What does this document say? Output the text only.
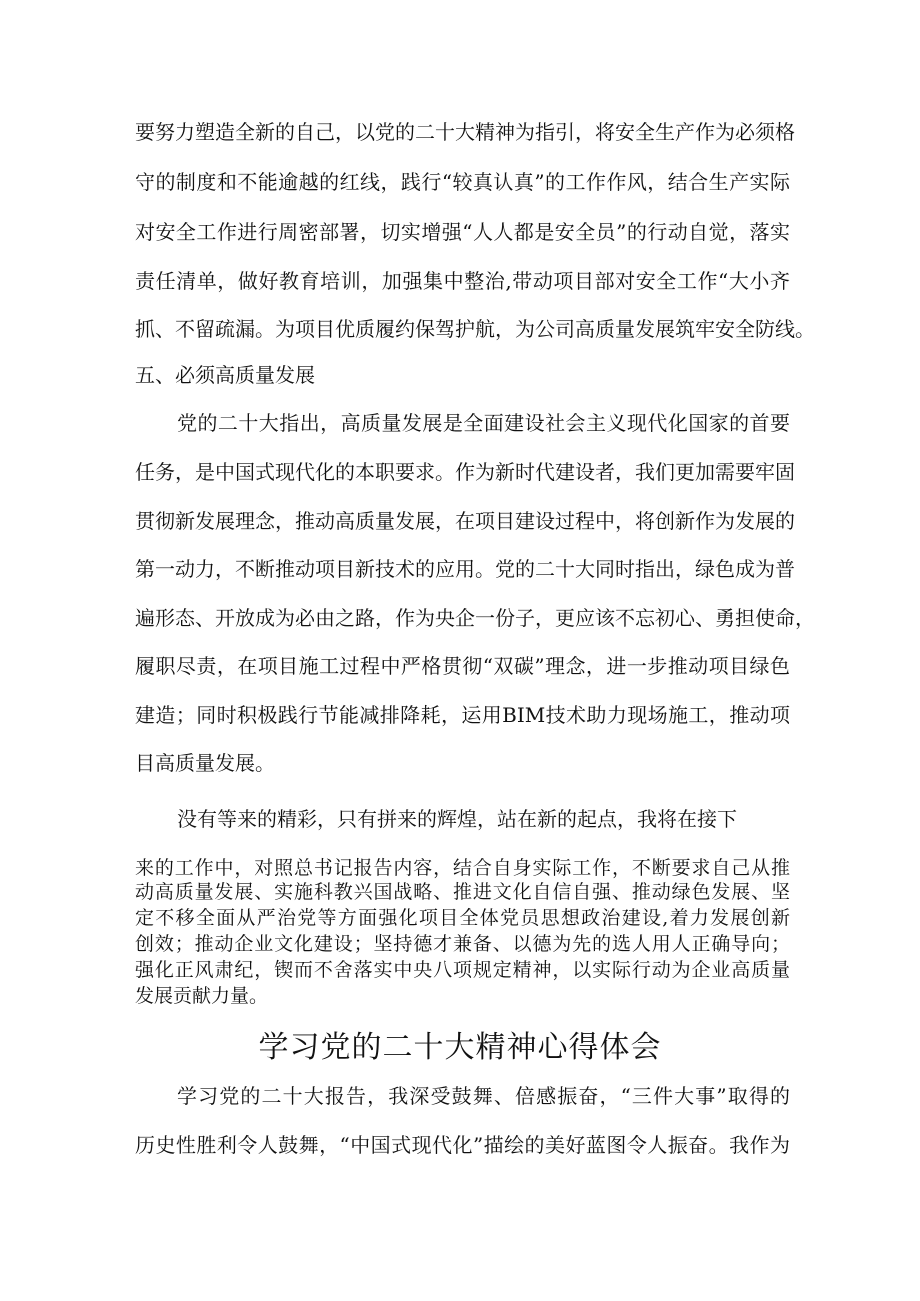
要努力塑造全新的自己，以党的二十大精神为指引，将安全生产作为必须格
守的制度和不能逾越的红线，践行“较真认真”的工作作风，结合生产实际
对安全工作进行周密部署，切实增强“人人都是安全员”的行动自觉，落实
责任清单，做好教育培训，加强集中整治,带动项目部对安全工作“大小齐
抓、不留疏漏。为项目优质履约保驾护航，为公司高质量发展筑牢安全防线。
五、必须高质量发展
党的二十大指出，高质量发展是全面建设社会主义现代化国家的首要
任务，是中国式现代化的本职要求。作为新时代建设者，我们更加需要牢固
贯彻新发展理念，推动高质量发展，在项目建设过程中，将创新作为发展的
第一动力，不断推动项目新技术的应用。党的二十大同时指出，绿色成为普
遍形态、开放成为必由之路，作为央企一份子，更应该不忘初心、勇担使命，
履职尽责，在项目施工过程中严格贯彻“双碳”理念，进一步推动项目绿色
建造；同时积极践行节能减排降耗，运用BIM技术助力现场施工，推动项
目高质量发展。
没有等来的精彩，只有拼来的辉煌，站在新的起点，我将在接下
来的工作中，对照总书记报告内容，结合自身实际工作，不断要求自己从推
动高质量发展、实施科教兴国战略、推进文化自信自强、推动绿色发展、坚
定不移全面从严治党等方面强化项目全体党员思想政治建设,着力发展创新
创效；推动企业文化建设；坚持德才兼备、以德为先的选人用人正确导向；
强化正风肃纪，锲而不舍落实中央八项规定精神，以实际行动为企业高质量
发展贡献力量。
学习党的二十大精神心得体会
学习党的二十大报告，我深受鼓舞、倍感振奋，“三件大事”取得的
历史性胜利令人鼓舞，“中国式现代化”描绘的美好蓝图令人振奋。我作为
